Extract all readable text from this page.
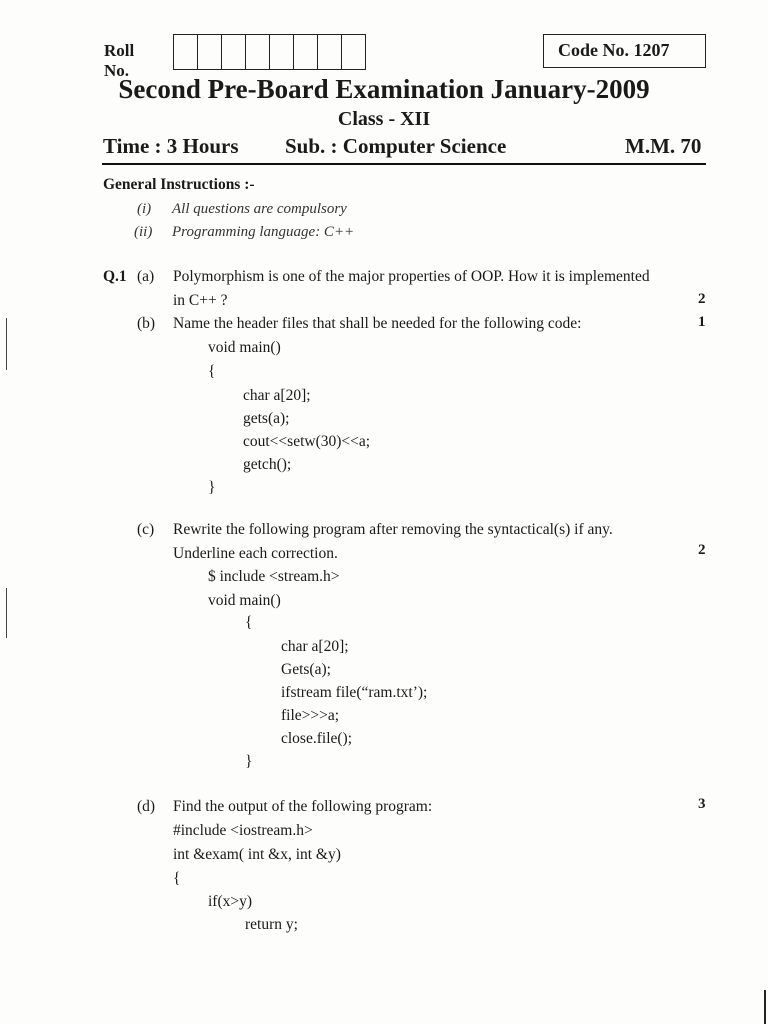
Roll No.
Code No. 1207
Second Pre-Board Examination January-2009
Class - XII
Time : 3 Hours Sub. : Computer Science	M.M. 70
General Instructions :-
(i) All questions are compulsory
(ii) Programming language: C++
Q.1 (a) Polymorphism is one of the major properties of OOP. How it is implemented
in C++ ?	2
(b) Name the header files that shall be needed for the following code:	1
void main()
{
char a[20];
gets(a);
cout<<setw(30)<<a;
getch();
}
(c) Rewrite the following program after removing the syntactical(s) if any.
Underline each correction.	2
$ include <stream.h>
void main()
{
char a[20];
Gets(a);
ifstream file(“ram.txt’);
file>>>a;
close.file();
}
(d) Find the output of the following program:	3
#include <iostream.h>
int &exam( int &x, int &y)
{
if(x>y)
return y;
